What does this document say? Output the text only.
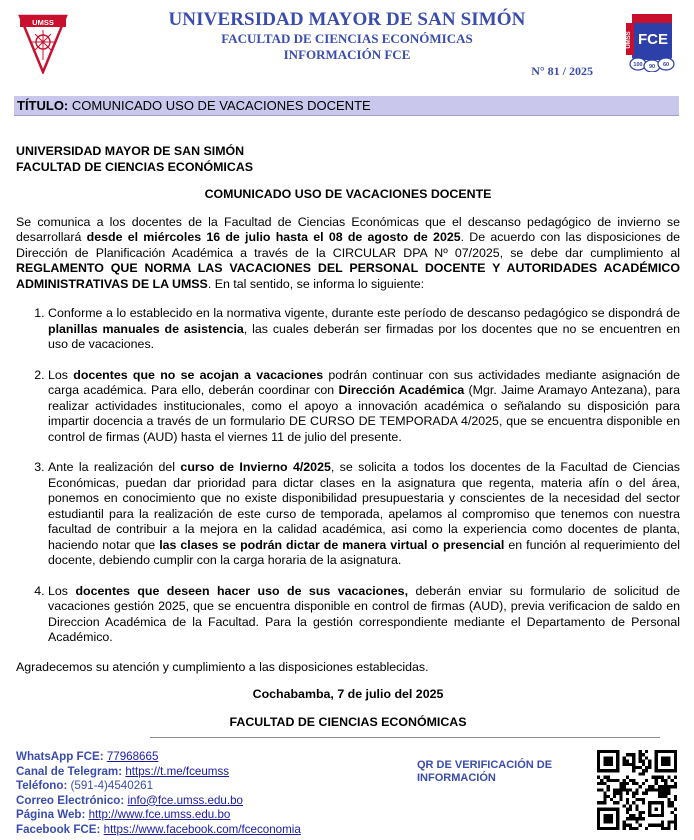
UMSS	UNIVERSIDAD MAYOR DE SAN SIMÓN
FACULTAD DE CIENCIAS ECONÓMICAS
INFORMACIÓN FCE
N° 81 / 2025
UMSS FCE
100 90 60
TÍTULO: COMUNICADO USO DE VACACIONES DOCENTE
UNIVERSIDAD MAYOR DE SAN SIMÓN
FACULTAD DE CIENCIAS ECONÓMICAS
COMUNICADO USO DE VACACIONES DOCENTE

Se comunica a los docentes de la Facultad de Ciencias Económicas que el descanso pedagógico de invierno se desarrollará desde el miércoles 16 de julio hasta el 08 de agosto de 2025. De acuerdo con las disposiciones de Dirección de Planificación Académica a través de la CIRCULAR DPA Nº 07/2025, se debe dar cumplimiento al REGLAMENTO QUE NORMA LAS VACACIONES DEL PERSONAL DOCENTE Y AUTORIDADES ACADÉMICO ADMINISTRATIVAS DE LA UMSS. En tal sentido, se informa lo siguiente:

1. Conforme a lo establecido en la normativa vigente, durante este período de descanso pedagógico se dispondrá de planillas manuales de asistencia, las cuales deberán ser firmadas por los docentes que no se encuentren en uso de vacaciones.
2. Los docentes que no se acojan a vacaciones podrán continuar con sus actividades mediante asignación de carga académica. Para ello, deberán coordinar con Dirección Académica (Mgr. Jaime Aramayo Antezana), para realizar actividades institucionales, como el apoyo a innovación académica o señalando su disposición para impartir docencia a través de un formulario DE CURSO DE TEMPORADA 4/2025, que se encuentra disponible en control de firmas (AUD) hasta el viernes 11 de julio del presente.
3. Ante la realización del curso de Invierno 4/2025, se solicita a todos los docentes de la Facultad de Ciencias Económicas, puedan dar prioridad para dictar clases en la asignatura que regenta, materia afín o del área, ponemos en conocimiento que no existe disponibilidad presupuestaria y conscientes de la necesidad del sector estudiantil para la realización de este curso de temporada, apelamos al compromiso que tenemos con nuestra facultad de contribuir a la mejora en la calidad académica, asi como la experiencia como docentes de planta, haciendo notar que las clases se podrán dictar de manera virtual o presencial en función al requerimiento del docente, debiendo cumplir con la carga horaria de la asignatura.
4. Los docentes que deseen hacer uso de sus vacaciones, deberán enviar su formulario de solicitud de vacaciones gestión 2025, que se encuentra disponible en control de firmas (AUD), previa verificacion de saldo en Direccion Académica de la Facultad. Para la gestión correspondiente mediante el Departamento de Personal Académico.

Agradecemos su atención y cumplimiento a las disposiciones establecidas.

Cochabamba, 7 de julio del 2025
FACULTAD DE CIENCIAS ECONÓMICAS
WhatsApp FCE: 77968665
Canal de Telegram: https://t.me/fceumss
Teléfono: (591-4)4540261
Correo Electrónico: info@fce.umss.edu.bo
Página Web: http://www.fce.umss.edu.bo
Facebook FCE: https://www.facebook.com/fceconomia
QR DE VERIFICACIÓN DE INFORMACIÓN
